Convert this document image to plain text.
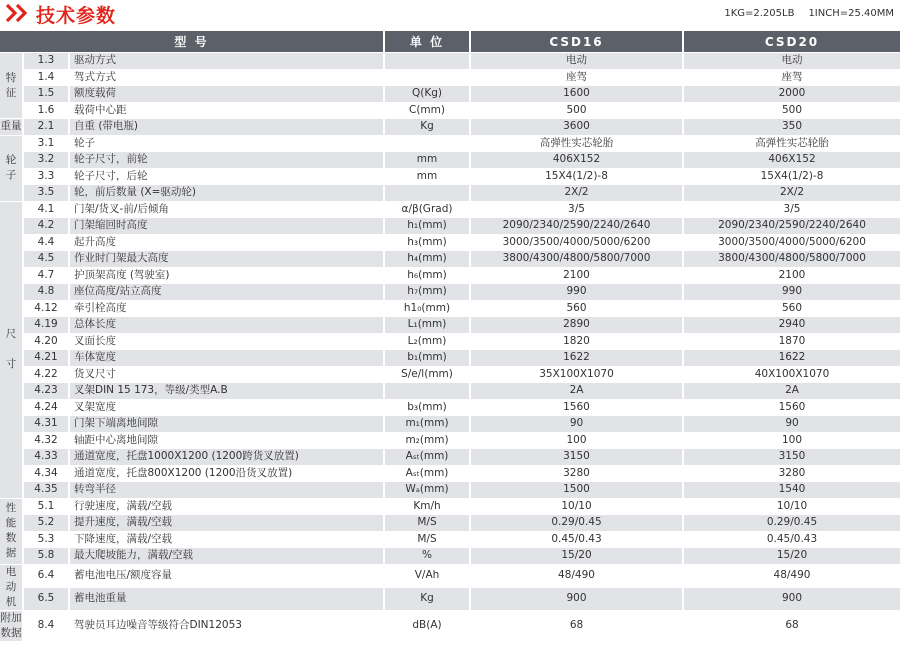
技术参数	1KG=2.205LB 1INCH=25.40MM
型 号			单 位	CSD16	CSD20
特
征	1.3	驱动方式		电动	电动
	1.4	驾式方式		座驾	座驾
	1.5	额度载荷	Q(Kg)	1600	2000
	1.6	载荷中心距	C(mm)	500	500
重量	2.1	自重 (带电瓶)	Kg	3600	350
轮
子	3.1	轮子		高弹性实芯轮胎	高弹性实芯轮胎
	3.2	轮子尺寸，前轮	mm	406X152	406X152
	3.3	轮子尺寸，后轮	mm	15X4(1/2)-8	15X4(1/2)-8
	3.5	轮，前后数量 (X=驱动轮)		2X/2	2X/2
尺

寸	4.1	门架/货叉-前/后倾角	α/β(Grad)	3/5	3/5
	4.2	门架缩回时高度	h₁(mm)	2090/2340/2590/2240/2640	2090/2340/2590/2240/2640
	4.4	起升高度	h₃(mm)	3000/3500/4000/5000/6200	3000/3500/4000/5000/6200
	4.5	作业时门架最大高度	h₄(mm)	3800/4300/4800/5800/7000	3800/4300/4800/5800/7000
	4.7	护顶架高度 (驾驶室)	h₆(mm)	2100	2100
	4.8	座位高度/站立高度	h₇(mm)	990	990
	4.12	牵引栓高度	h1₀(mm)	560	560
	4.19	总体长度	L₁(mm)	2890	2940
	4.20	叉面长度	L₂(mm)	1820	1870
	4.21	车体宽度	b₁(mm)	1622	1622
	4.22	货叉尺寸	S/e/l(mm)	35X100X1070	40X100X1070
	4.23	叉架DIN 15 173，等级/类型A.B		2A	2A
	4.24	叉架宽度	b₃(mm)	1560	1560
	4.31	门架下端离地间隙	m₁(mm)	90	90
	4.32	轴距中心离地间隙	m₂(mm)	100	100
	4.33	通道宽度，托盘1000X1200 (1200跨货叉放置)	Aₛₜ(mm)	3150	3150
	4.34	通道宽度，托盘800X1200 (1200沿货叉放置)	Aₛₜ(mm)	3280	3280
	4.35	转弯半径	Wₐ(mm)	1500	1540
性
能
数
据	5.1	行驶速度，满载/空载	Km/h	10/10	10/10
	5.2	提升速度，满载/空载	M/S	0.29/0.45	0.29/0.45
	5.3	下降速度，满载/空载	M/S	0.45/0.43	0.45/0.43
	5.8	最大爬坡能力，满载/空载	%	15/20	15/20
电
动
机	6.4	蓄电池电压/额度容量	V/Ah	48/490	48/490
	6.5	蓄电池重量	Kg	900	900
附加
数据	8.4	驾驶员耳边噪音等级符合DIN12053	dB(A)	68	68
